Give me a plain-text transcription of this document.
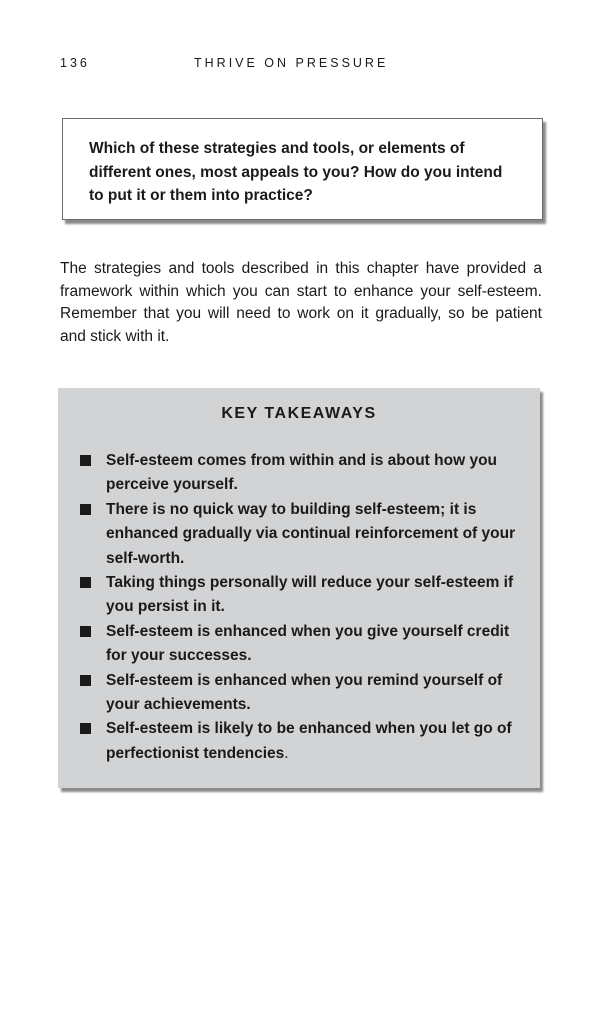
136	THRIVE ON PRESSURE

Which of these strategies and tools, or elements of different ones, most appeals to you? How do you intend to put it or them into practice?

The strategies and tools described in this chapter have provided a framework within which you can start to enhance your self-esteem. Remember that you will need to work on it gradually, so be patient and stick with it.

KEY TAKEAWAYS
Self-esteem comes from within and is about how you perceive yourself.
There is no quick way to building self-esteem; it is enhanced gradually via continual reinforcement of your self-worth.
Taking things personally will reduce your self-esteem if you persist in it.
Self-esteem is enhanced when you give yourself credit for your successes.
Self-esteem is enhanced when you remind yourself of your achievements.
Self-esteem is likely to be enhanced when you let go of perfectionist tendencies.
